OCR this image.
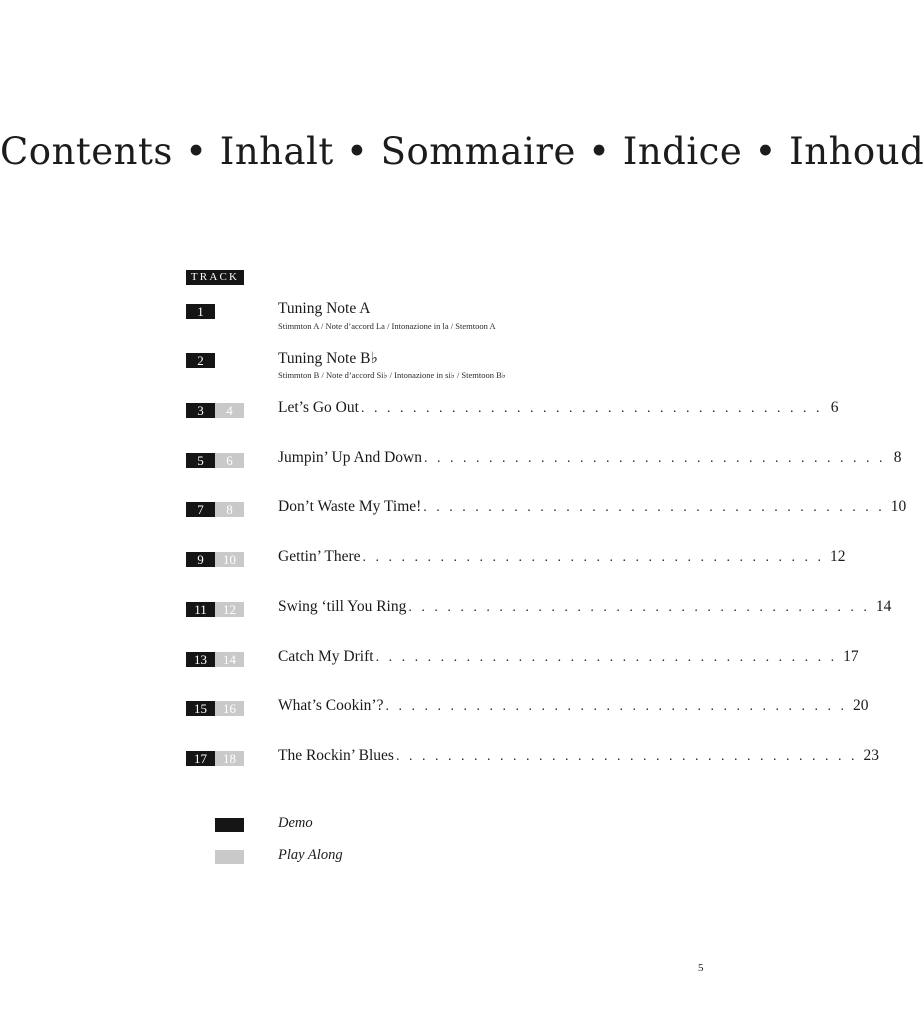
Contents • Inhalt • Sommaire • Indice • Inhoud
TRACK
1	Tuning Note A
Stimmton A / Note d’accord La / Intonazione in la / Stemtoon A
2	Tuning Note B♭
Stimmton B / Note d’accord Si♭ / Intonazione in si♭ / Stemtoon B♭
3	4	Let’s Go Out . . . . . . . . . . . . . . . . . . . . . . . . . . . . . . . . . . . . 6
5	6	Jumpin’ Up And Down . . . . . . . . . . . . . . . . . . . . . . . . . . . . . . . . . . . . 8
7	8	Don’t Waste My Time! . . . . . . . . . . . . . . . . . . . . . . . . . . . . . . . . . . . . 10
9	10	Gettin’ There . . . . . . . . . . . . . . . . . . . . . . . . . . . . . . . . . . . . 12
11	12	Swing ‘till You Ring . . . . . . . . . . . . . . . . . . . . . . . . . . . . . . . . . . . . 14
13	14	Catch My Drift . . . . . . . . . . . . . . . . . . . . . . . . . . . . . . . . . . . . 17
15	16	What’s Cookin’? . . . . . . . . . . . . . . . . . . . . . . . . . . . . . . . . . . . . 20
17	18	The Rockin’ Blues . . . . . . . . . . . . . . . . . . . . . . . . . . . . . . . . . . . . 23
Demo
Play Along
5
